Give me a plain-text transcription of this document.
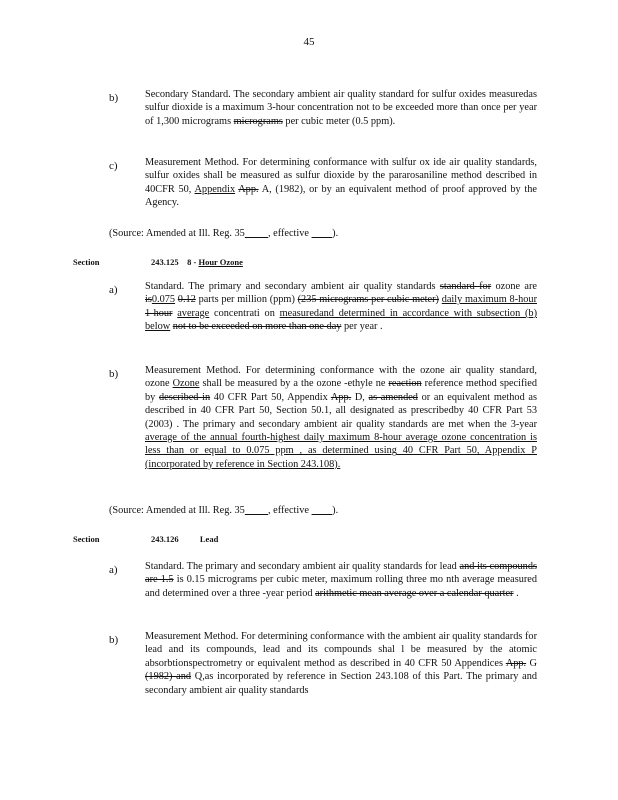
45
b)	Secondary Standard. The secondary ambient air quality standard for sulfur oxides measuredas sulfur dioxide is a maximum 3-hour concentration not to be exceeded more than once per year of 1,300 micrograms micrograms per cubic meter (0.5 ppm).
c)	Measurement Method. For determining conformance with sulfur ox ide air quality standards, sulfur oxides shall be measured as sulfur dioxide by the pararosaniline method described in 40CFR 50, Appendix App. A, (1982), or by an equivalent method of proof approved by the Agency.
(Source: Amended at Ill. Reg. 35 , effective         ).
Section	243.125 8 - Hour Ozone
a)	Standard. The primary and secondary ambient air quality standards standard for ozone are is0.075 0.12 parts per million (ppm) (235 micrograms per cubic meter) daily maximum 8-hour 1-hour average concentrati on measuredand determined in accordance with subsection (b) below not to be exceeded on more than one day per year .
b)	Measurement Method. For determining conformance with the ozone air quality standard, ozone Ozone shall be measured by a the ozone -ethyle ne reaction reference method specified by described in 40 CFR Part 50, Appendix App. D, as amended or an equivalent method as described in 40 CFR Part 50, Section 50.1, all designated as prescribedby 40 CFR Part 53 (2003) . The primary and secondary ambient air quality standards are met when the 3-year average of the annual fourth-highest daily maximum 8-hour average ozone concentration is less than or equal to 0.075 ppm , as determined using 40 CFR Part 50, Appendix P (incorporated by reference in Section 243.108).
(Source: Amended at Ill. Reg. 35 , effective         ).
Section	243.126	Lead
a)	Standard. The primary and secondary ambient air quality standards for lead and its compounds are 1.5 is 0.15 micrograms per cubic meter, maximum rolling three mo nth average measured and determined over a three -year period arithmetic mean average over a calendar quarter .
b)	Measurement Method. For determining conformance with the ambient air quality standards for lead and its compounds, lead and its compounds shal l be measured by the atomic absorbtionspectrometry or equivalent method as described in 40 CFR 50 Appendices App. G (1982) and Q,as incorporated by reference in Section 243.108 of this Part. The primary and secondary ambient air quality standards
